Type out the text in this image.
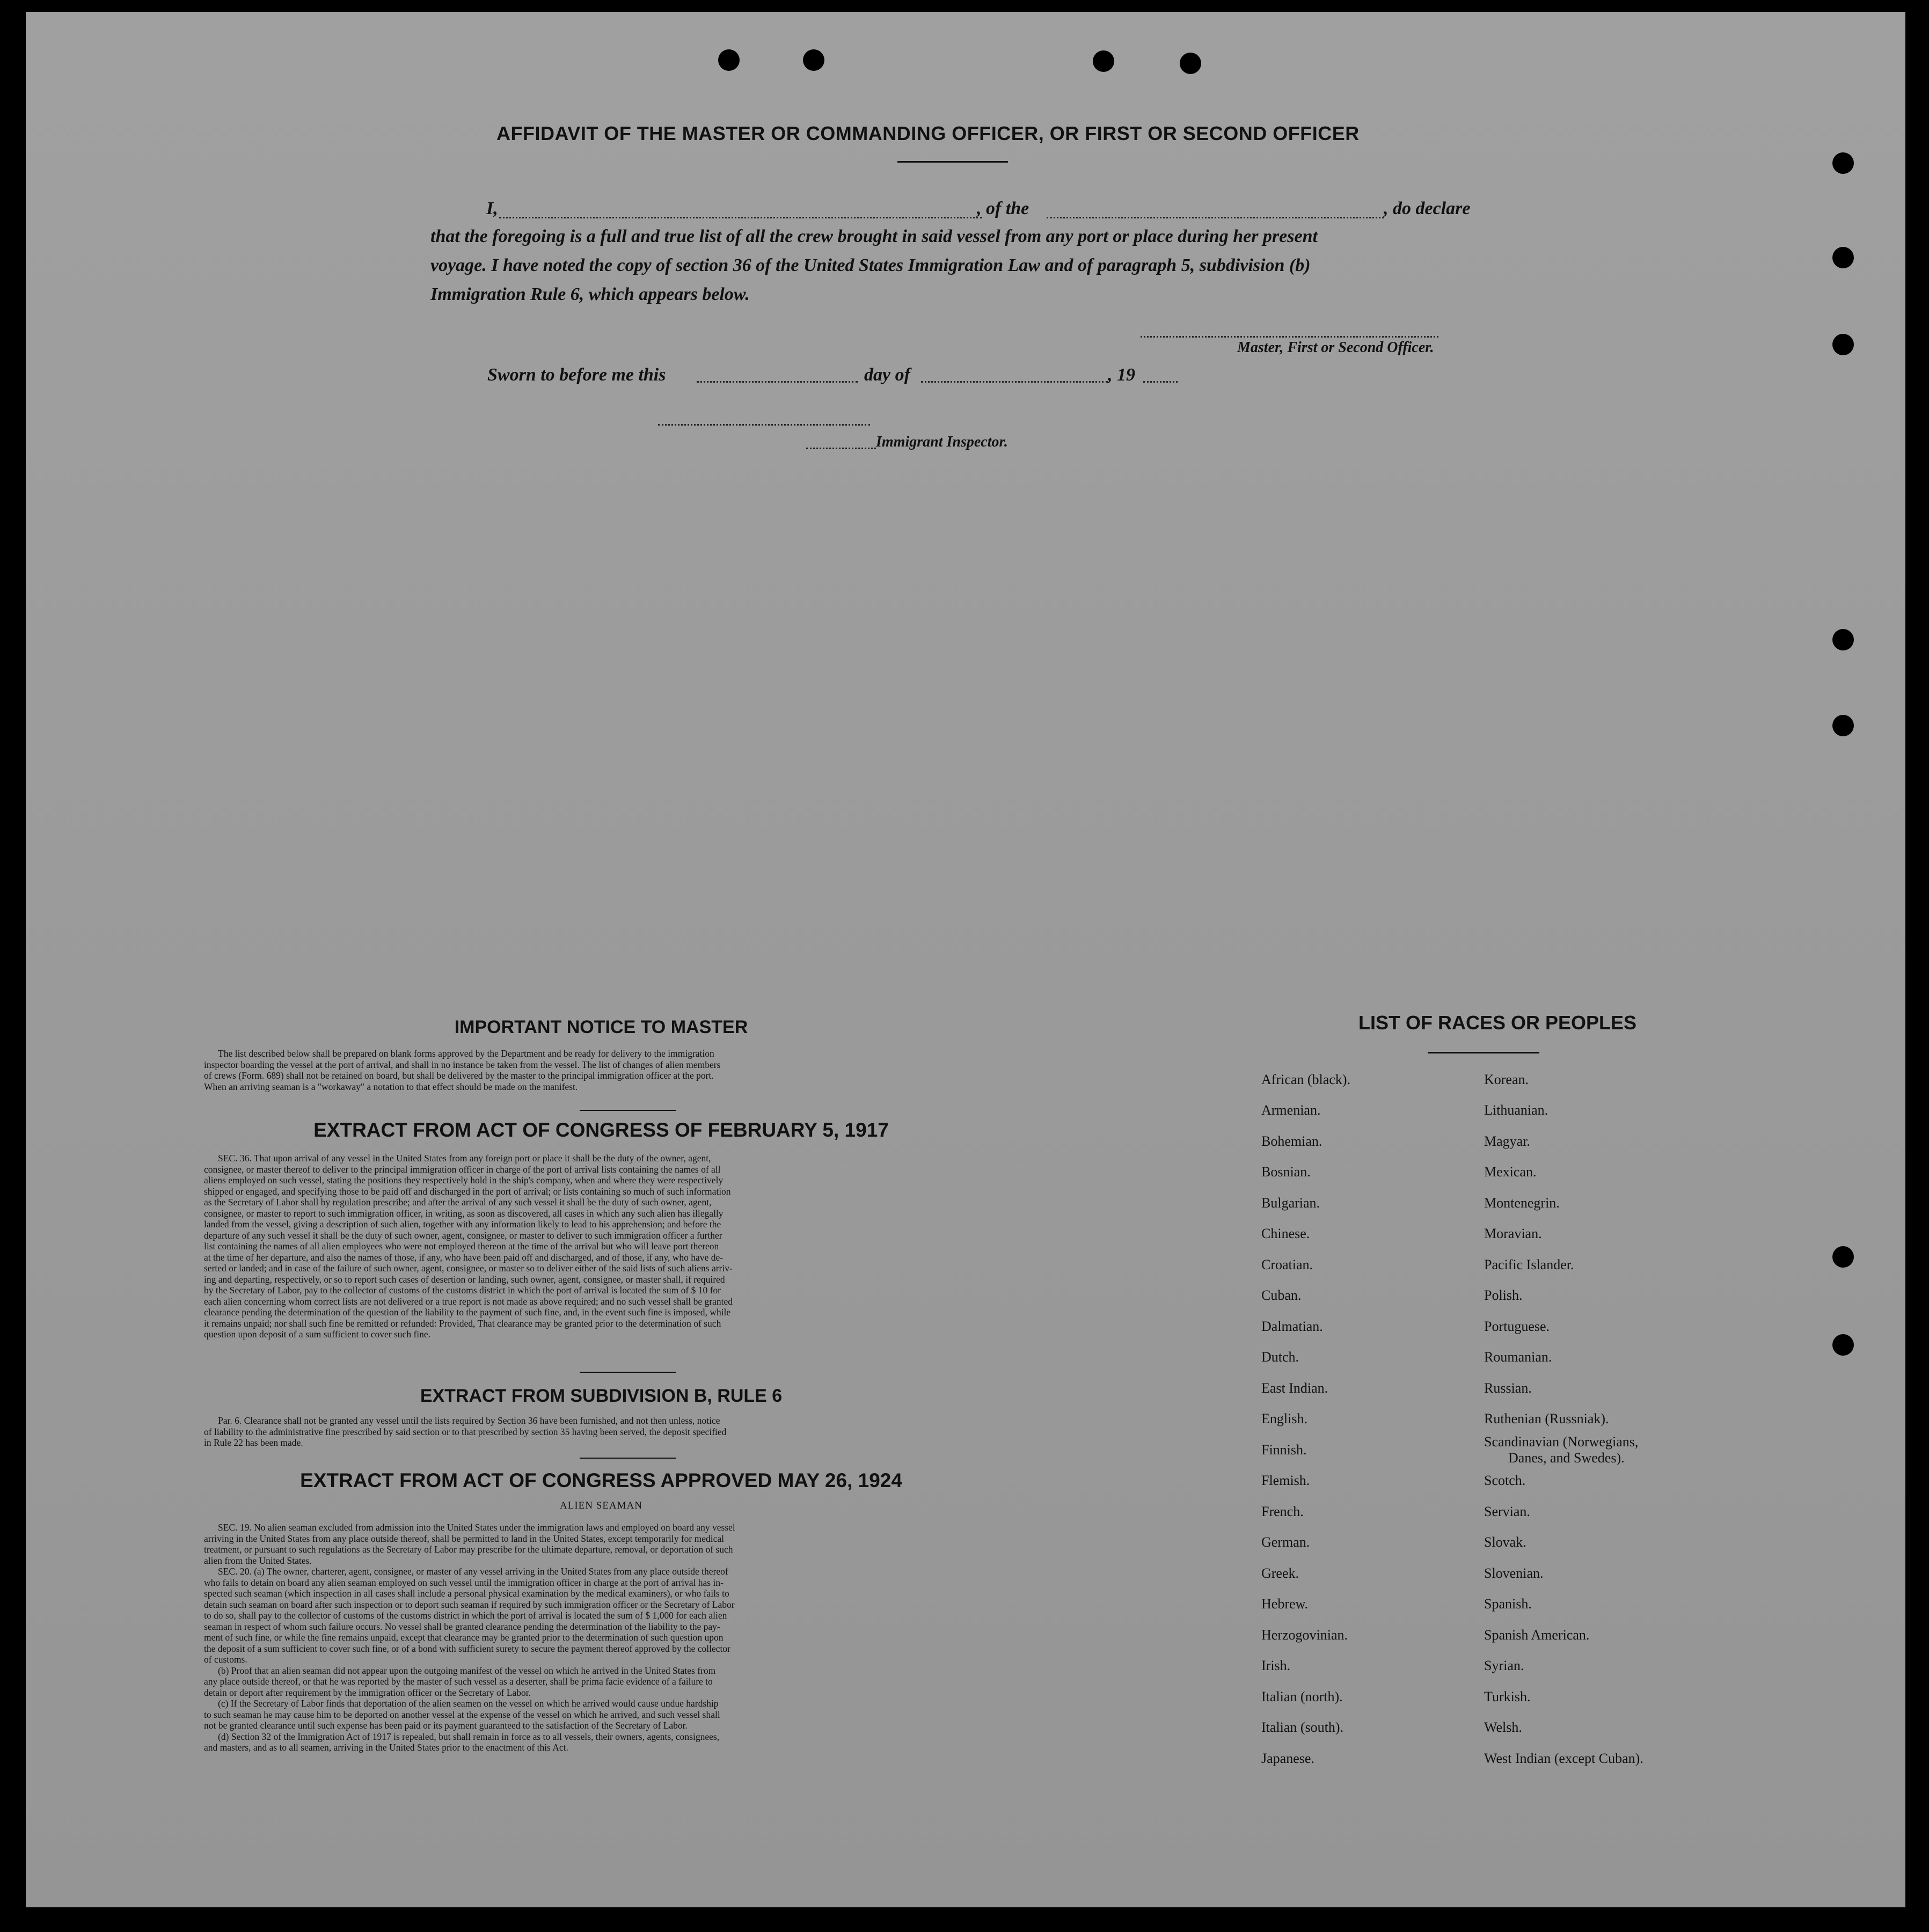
AFFIDAVIT OF THE MASTER OR COMMANDING OFFICER, OR FIRST OR SECOND OFFICER
I,	, of the	, do declare
that the foregoing is a full and true list of all the crew brought in said vessel from any port or place during her present
voyage. I have noted the copy of section 36 of the United States Immigration Law and of paragraph 5, subdivision (b)
Immigration Rule 6, which appears below.
Master, First or Second Officer.
Sworn to before me this	day of	, 19
Immigrant Inspector.
IMPORTANT NOTICE TO MASTER
The list described below shall be prepared on blank forms approved by the Department and be ready for delivery to the immigration
inspector boarding the vessel at the port of arrival, and shall in no instance be taken from the vessel. The list of changes of alien members
of crews (Form. 689) shall not be retained on board, but shall be delivered by the master to the principal immigration officer at the port.
When an arriving seaman is a "workaway" a notation to that effect should be made on the manifest.
EXTRACT FROM ACT OF CONGRESS OF FEBRUARY 5, 1917
SEC. 36. That upon arrival of any vessel in the United States from any foreign port or place it shall be the duty of the owner, agent,
consignee, or master thereof to deliver to the principal immigration officer in charge of the port of arrival lists containing the names of all
aliens employed on such vessel, stating the positions they respectively hold in the ship's company, when and where they were respectively
shipped or engaged, and specifying those to be paid off and discharged in the port of arrival; or lists containing so much of such information
as the Secretary of Labor shall by regulation prescribe; and after the arrival of any such vessel it shall be the duty of such owner, agent,
consignee, or master to report to such immigration officer, in writing, as soon as discovered, all cases in which any such alien has illegally
landed from the vessel, giving a description of such alien, together with any information likely to lead to his apprehension; and before the
departure of any such vessel it shall be the duty of such owner, agent, consignee, or master to deliver to such immigration officer a further
list containing the names of all alien employees who were not employed thereon at the time of the arrival but who will leave port thereon
at the time of her departure, and also the names of those, if any, who have been paid off and discharged, and of those, if any, who have de-
serted or landed; and in case of the failure of such owner, agent, consignee, or master so to deliver either of the said lists of such aliens arriv-
ing and departing, respectively, or so to report such cases of desertion or landing, such owner, agent, consignee, or master shall, if required
by the Secretary of Labor, pay to the collector of customs of the customs district in which the port of arrival is located the sum of $ 10 for
each alien concerning whom correct lists are not delivered or a true report is not made as above required; and no such vessel shall be granted
clearance pending the determination of the question of the liability to the payment of such fine, and, in the event such fine is imposed, while
it remains unpaid; nor shall such fine be remitted or refunded: Provided, That clearance may be granted prior to the determination of such
question upon deposit of a sum sufficient to cover such fine.
EXTRACT FROM SUBDIVISION B, RULE 6
Par. 6. Clearance shall not be granted any vessel until the lists required by Section 36 have been furnished, and not then unless, notice
of liability to the administrative fine prescribed by said section or to that prescribed by section 35 having been served, the deposit specified
in Rule 22 has been made.
EXTRACT FROM ACT OF CONGRESS APPROVED MAY 26, 1924
ALIEN SEAMAN
SEC. 19. No alien seaman excluded from admission into the United States under the immigration laws and employed on board any vessel
arriving in the United States from any place outside thereof, shall be permitted to land in the United States, except temporarily for medical
treatment, or pursuant to such regulations as the Secretary of Labor may prescribe for the ultimate departure, removal, or deportation of such
alien from the United States.
SEC. 20. (a) The owner, charterer, agent, consignee, or master of any vessel arriving in the United States from any place outside thereof
who fails to detain on board any alien seaman employed on such vessel until the immigration officer in charge at the port of arrival has in-
spected such seaman (which inspection in all cases shall include a personal physical examination by the medical examiners), or who fails to
detain such seaman on board after such inspection or to deport such seaman if required by such immigration officer or the Secretary of Labor
to do so, shall pay to the collector of customs of the customs district in which the port of arrival is located the sum of $ 1,000 for each alien
seaman in respect of whom such failure occurs. No vessel shall be granted clearance pending the determination of the liability to the pay-
ment of such fine, or while the fine remains unpaid, except that clearance may be granted prior to the determination of such question upon
the deposit of a sum sufficient to cover such fine, or of a bond with sufficient surety to secure the payment thereof approved by the collector
of customs.
(b) Proof that an alien seaman did not appear upon the outgoing manifest of the vessel on which he arrived in the United States from
any place outside thereof, or that he was reported by the master of such vessel as a deserter, shall be prima facie evidence of a failure to
detain or deport after requirement by the immigration officer or the Secretary of Labor.
(c) If the Secretary of Labor finds that deportation of the alien seamen on the vessel on which he arrived would cause undue hardship
to such seaman he may cause him to be deported on another vessel at the expense of the vessel on which he arrived, and such vessel shall
not be granted clearance until such expense has been paid or its payment guaranteed to the satisfaction of the Secretary of Labor.
(d) Section 32 of the Immigration Act of 1917 is repealed, but shall remain in force as to all vessels, their owners, agents, consignees,
and masters, and as to all seamen, arriving in the United States prior to the enactment of this Act.
LIST OF RACES OR PEOPLES
African (black).
Armenian.
Bohemian.
Bosnian.
Bulgarian.
Chinese.
Croatian.
Cuban.
Dalmatian.
Dutch.
East Indian.
English.
Finnish.
Flemish.
French.
German.
Greek.
Hebrew.
Herzogovinian.
Irish.
Italian (north).
Italian (south).
Japanese.
Korean.
Lithuanian.
Magyar.
Mexican.
Montenegrin.
Moravian.
Pacific Islander.
Polish.
Portuguese.
Roumanian.
Russian.
Ruthenian (Russniak).
Scandinavian (Norwegians,
Danes, and Swedes).
Scotch.
Servian.
Slovak.
Slovenian.
Spanish.
Spanish American.
Syrian.
Turkish.
Welsh.
West Indian (except Cuban).
